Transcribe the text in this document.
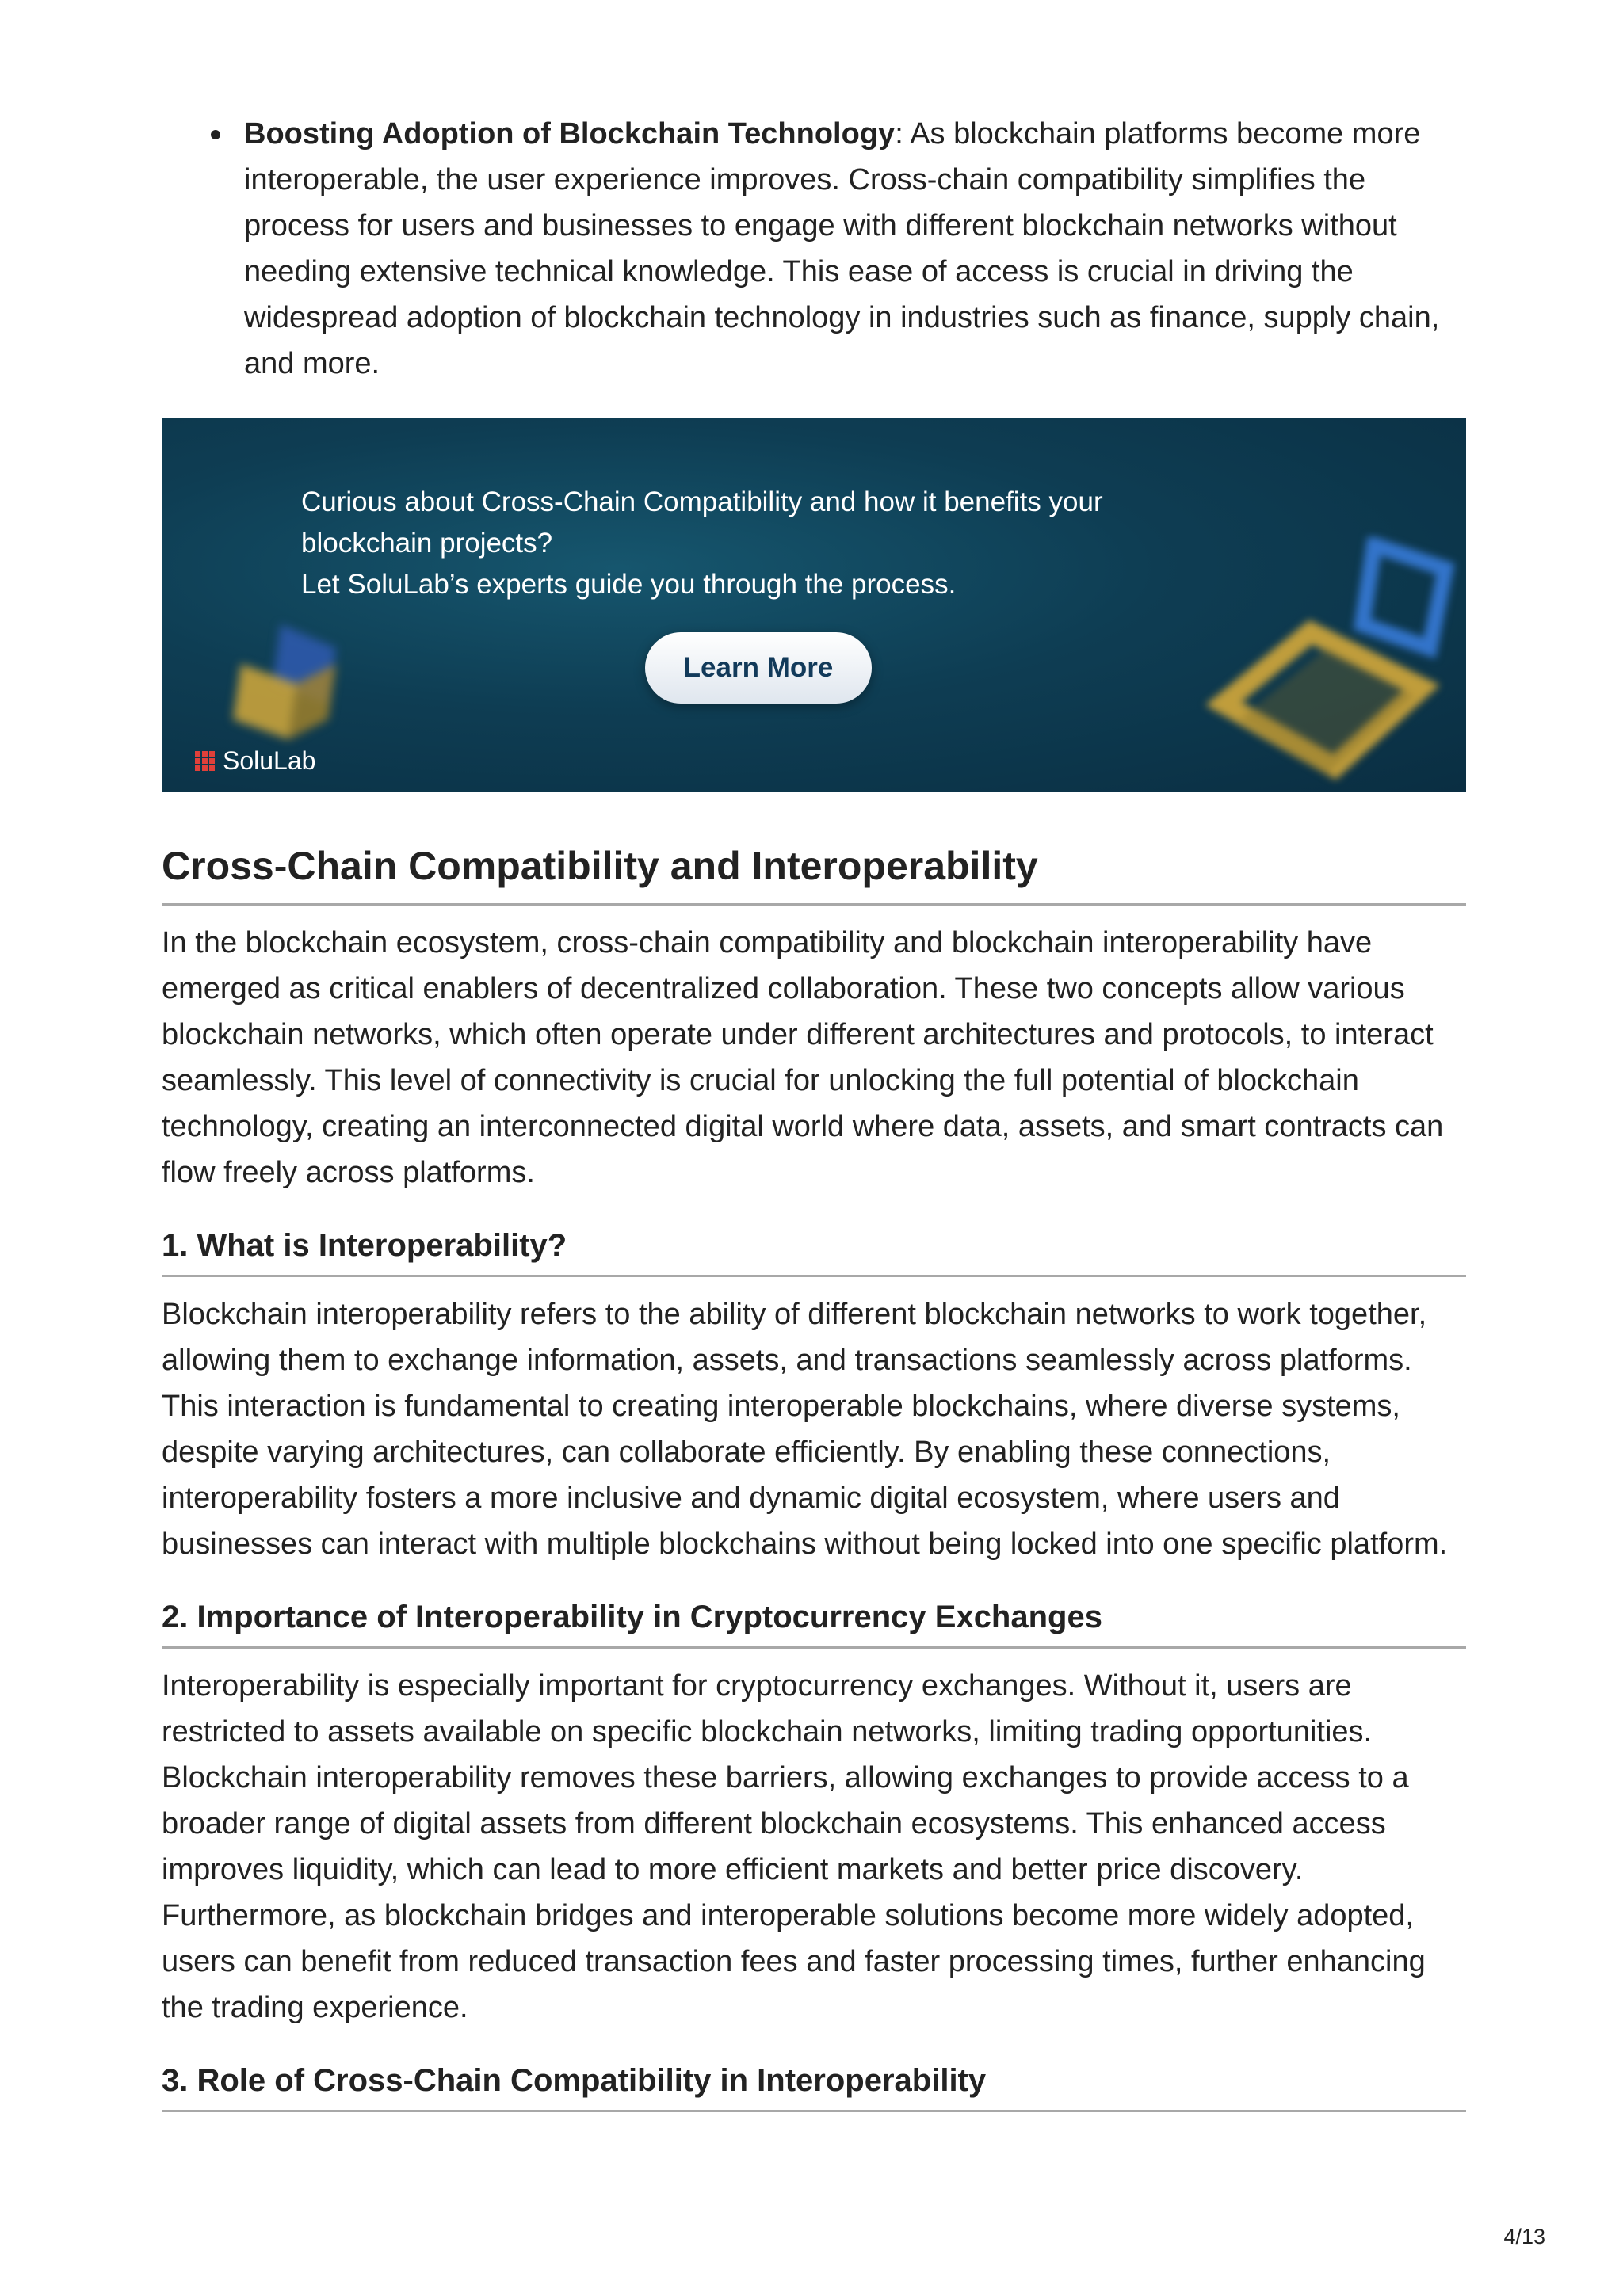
Boosting Adoption of Blockchain Technology: As blockchain platforms become more interoperable, the user experience improves. Cross-chain compatibility simplifies the process for users and businesses to engage with different blockchain networks without needing extensive technical knowledge. This ease of access is crucial in driving the widespread adoption of blockchain technology in industries such as finance, supply chain, and more.
Curious about Cross-Chain Compatibility and how it benefits your
blockchain projects?
Let SoluLab’s experts guide you through the process.
Learn More
SoluLab
Cross-Chain Compatibility and Interoperability

In the blockchain ecosystem, cross-chain compatibility and blockchain interoperability have emerged as critical enablers of decentralized collaboration. These two concepts allow various blockchain networks, which often operate under different architectures and protocols, to interact seamlessly. This level of connectivity is crucial for unlocking the full potential of blockchain technology, creating an interconnected digital world where data, assets, and smart contracts can flow freely across platforms.

1. What is Interoperability?

Blockchain interoperability refers to the ability of different blockchain networks to work together, allowing them to exchange information, assets, and transactions seamlessly across platforms. This interaction is fundamental to creating interoperable blockchains, where diverse systems, despite varying architectures, can collaborate efficiently. By enabling these connections, interoperability fosters a more inclusive and dynamic digital ecosystem, where users and businesses can interact with multiple blockchains without being locked into one specific platform.

2. Importance of Interoperability in Cryptocurrency Exchanges

Interoperability is especially important for cryptocurrency exchanges. Without it, users are restricted to assets available on specific blockchain networks, limiting trading opportunities. Blockchain interoperability removes these barriers, allowing exchanges to provide access to a broader range of digital assets from different blockchain ecosystems. This enhanced access improves liquidity, which can lead to more efficient markets and better price discovery. Furthermore, as blockchain bridges and interoperable solutions become more widely adopted, users can benefit from reduced transaction fees and faster processing times, further enhancing the trading experience.

3. Role of Cross-Chain Compatibility in Interoperability
4/13
